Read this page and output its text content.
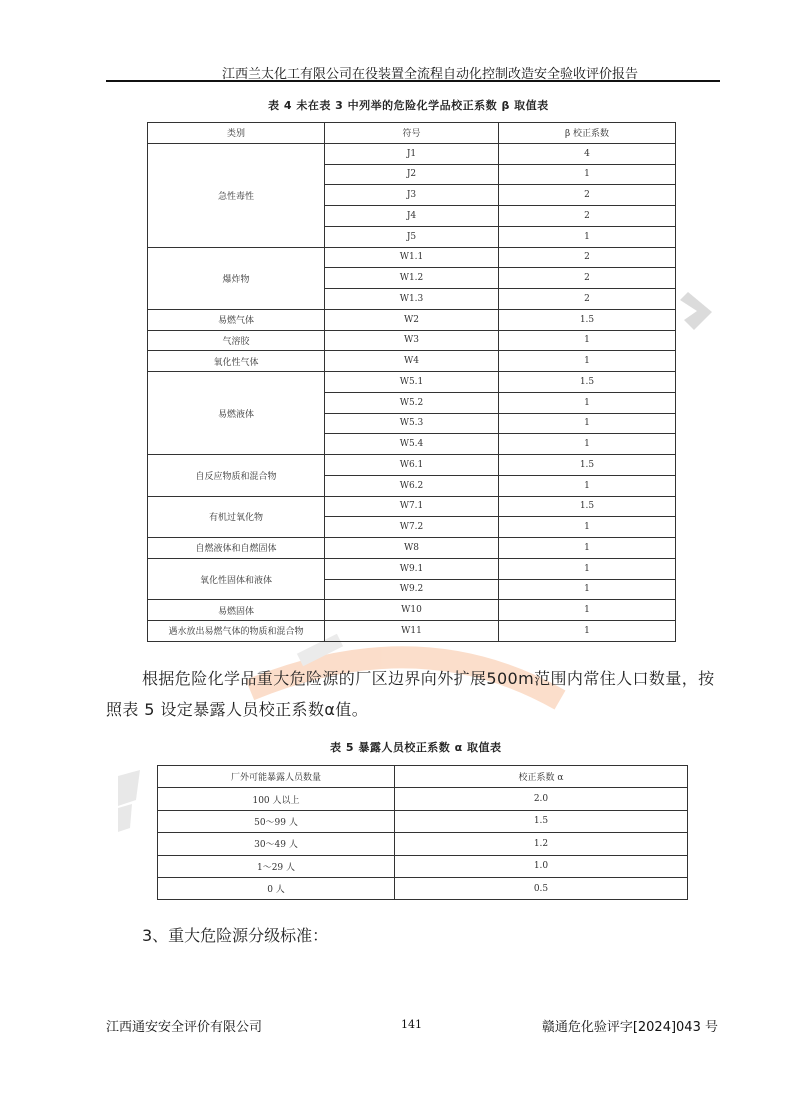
江西兰太化工有限公司在役装置全流程自动化控制改造安全验收评价报告
表 4 未在表 3 中列举的危险化学品校正系数 β 取值表
类别	符号	β 校正系数
急性毒性	J1	4
	J2	1
	J3	2
	J4	2
	J5	1
爆炸物	W1.1	2
	W1.2	2
	W1.3	2
易燃气体	W2	1.5
气溶胶	W3	1
氧化性气体	W4	1
易燃液体	W5.1	1.5
	W5.2	1
	W5.3	1
	W5.4	1
自反应物质和混合物	W6.1	1.5
	W6.2	1
有机过氧化物	W7.1	1.5
	W7.2	1
自燃液体和自燃固体	W8	1
氧化性固体和液体	W9.1	1
	W9.2	1
易燃固体	W10	1
遇水放出易燃气体的物质和混合物	W11	1
根据危险化学品重大危险源的厂区边界向外扩展500m范围内常住人口数量，按照表 5 设定暴露人员校正系数α值。
表 5 暴露人员校正系数 α 取值表
厂外可能暴露人员数量	校正系数 α
100 人以上	2.0
50～99 人	1.5
30～49 人	1.2
1～29 人	1.0
0 人	0.5
3、重大危险源分级标准：
江西通安安全评价有限公司	141	赣通危化验评字[2024]043 号
